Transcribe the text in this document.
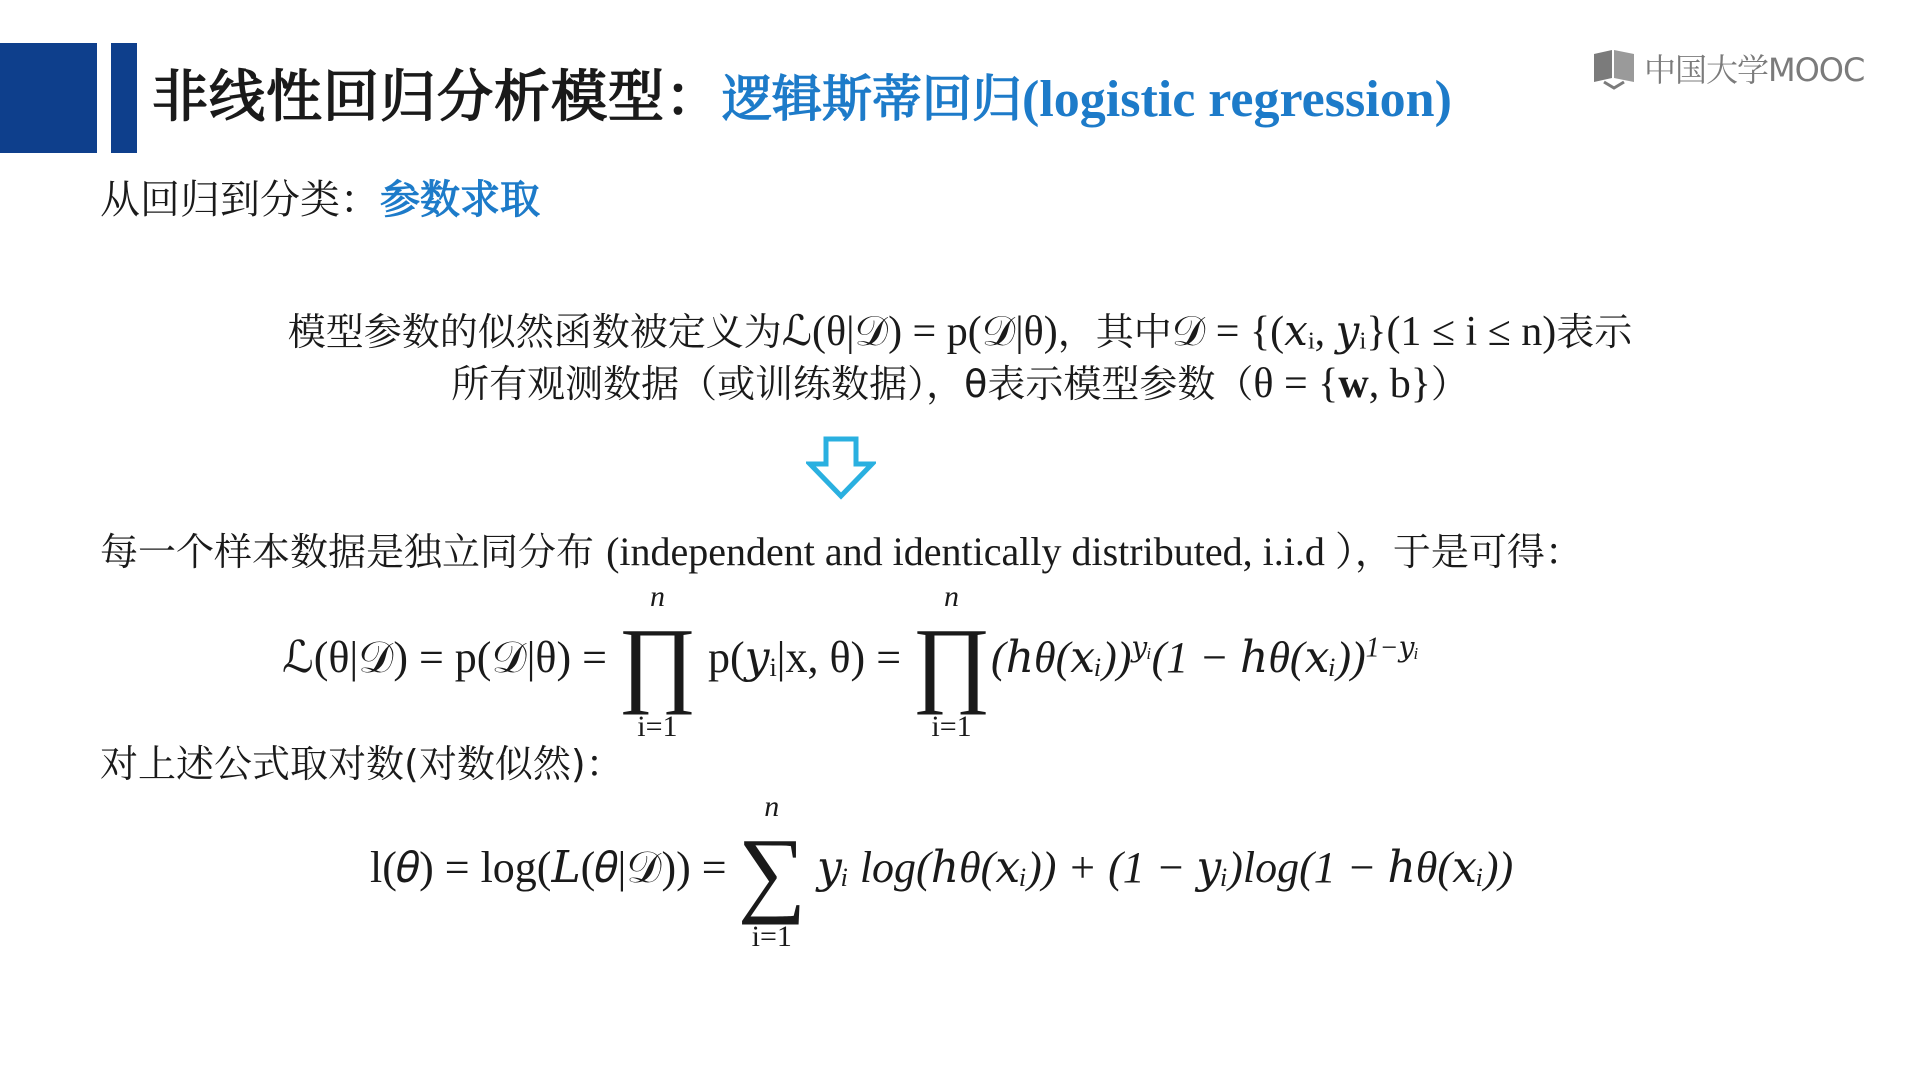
非线性回归分析模型：逻辑斯蒂回归(logistic regression)
中国大学MOOC
从回归到分类：参数求取
模型参数的似然函数被定义为ℒ(θ|𝒟) = p(𝒟|θ)，其中𝒟 = {(𝑥ᵢ, 𝑦ᵢ}(1 ≤ i ≤ n)表示
所有观测数据（或训练数据），θ表示模型参数（θ = {w, b}）
每一个样本数据是独立同分布 (independent and identically distributed, i.i.d ），于是可得：
ℒ(θ|𝒟) = p(𝒟|θ) =
n
∏
i=1
p(𝑦ᵢ|x, θ) =
n
∏
i=1
(ℎθ(𝑥ᵢ))$^{𝑦ᵢ}$(1 − ℎθ(𝑥ᵢ))$^{1-𝑦ᵢ}$
对上述公式取对数(对数似然)：
l(𝜃) = log(𝐿(𝜃|𝒟)) =
n
∑
i=1
𝑦ᵢ log(ℎθ(𝑥ᵢ)) + (1 − 𝑦ᵢ)log(1 − ℎθ(𝑥ᵢ))
